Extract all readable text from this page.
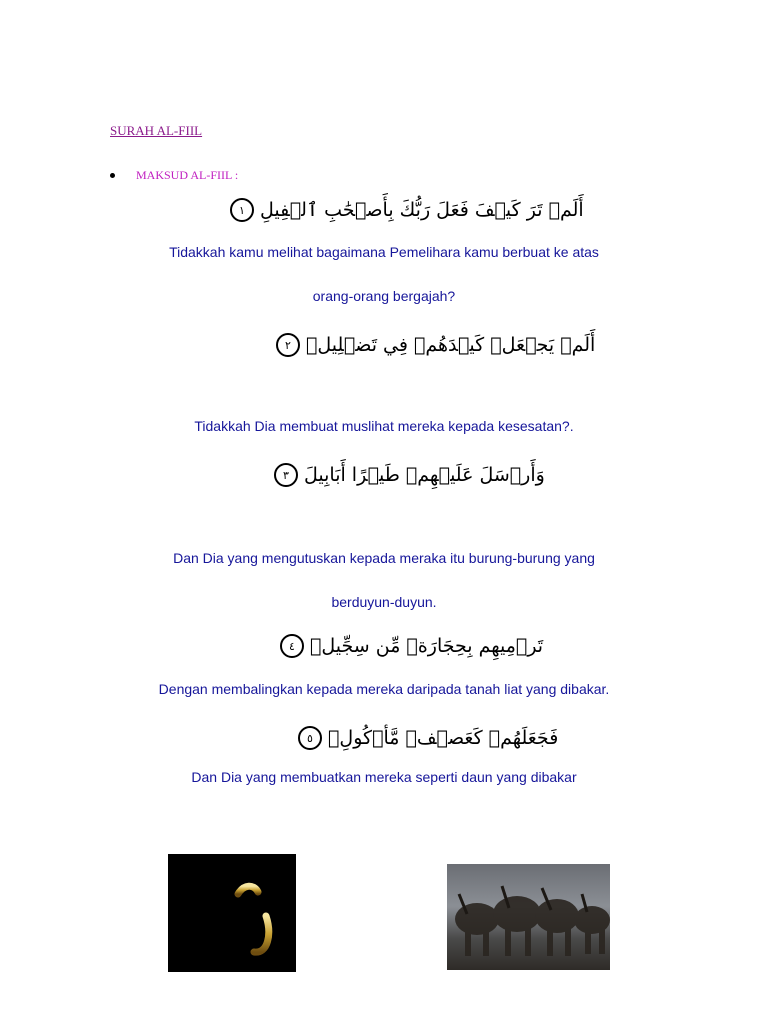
SURAH AL-FIIL
MAKSUD AL-FIIL :
أَلَمۡ تَرَ كَيۡفَ فَعَلَ رَبُّكَ بِأَصۡحَٰبِ ٱلۡفِيلِ
١
Tidakkah kamu melihat bagaimana Pemelihara kamu berbuat ke atas
orang-orang bergajah?
أَلَمۡ يَجۡعَلۡ كَيۡدَهُمۡ فِي تَضۡلِيلٖ
٢
Tidakkah Dia membuat muslihat mereka kepada kesesatan?.
وَأَرۡسَلَ عَلَيۡهِمۡ طَيۡرًا أَبَابِيلَ
٣
Dan Dia yang mengutuskan kepada meraka itu burung-burung yang
berduyun-duyun.
تَرۡمِيهِم بِحِجَارَةٖ مِّن سِجِّيلٖ
٤
Dengan membalingkan kepada mereka daripada tanah liat yang dibakar.
فَجَعَلَهُمۡ كَعَصۡفٖ مَّأۡكُولِۭ
٥
Dan Dia yang membuatkan mereka seperti daun yang dibakar
